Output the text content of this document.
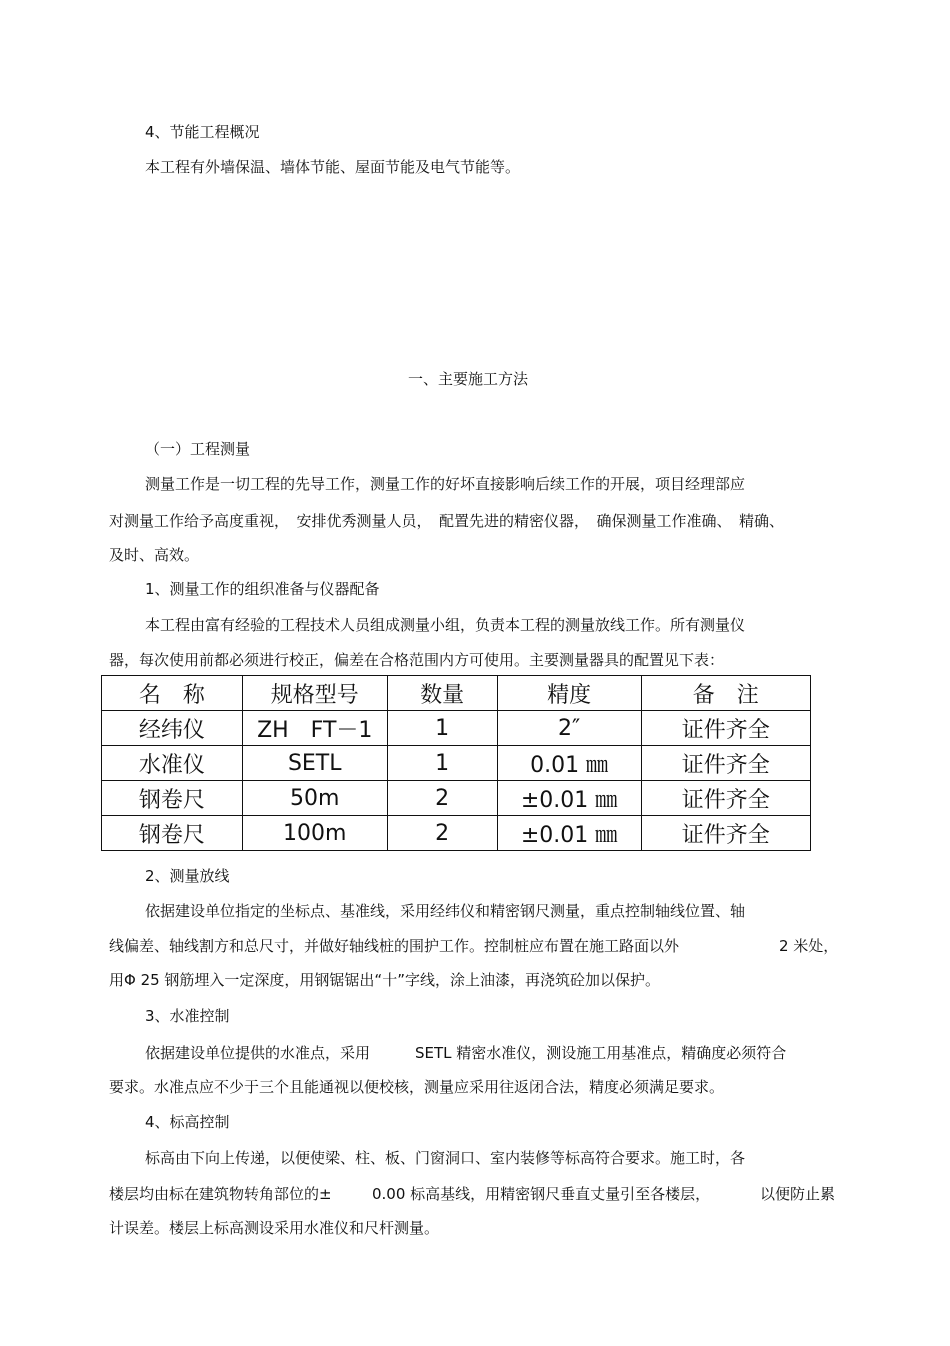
4、节能工程概况

本工程有外墙保温、墙体节能、屋面节能及电气节能等。

一、主要施工方法

（一）工程测量

测量工作是一切工程的先导工作，测量工作的好坏直接影响后续工作的开展，项目经理部应

对测量工作给予高度重视，　安排优秀测量人员，　配置先进的精密仪器，　确保测量工作准确、　精确、

及时、高效。

1、测量工作的组织准备与仪器配备

本工程由富有经验的工程技术人员组成测量小组，负责本工程的测量放线工作。所有测量仪

器，每次使用前都必须进行校正，偏差在合格范围内方可使用。主要测量器具的配置见下表：

名　称	规格型号	数量	精度	备　注
经纬仪	ZH　FT－1	1	2″	证件齐全
水准仪	SETL	1	0.01 ㎜	证件齐全
钢卷尺	50m	2	±0.01 ㎜	证件齐全
钢卷尺	100m	2	±0.01 ㎜	证件齐全

2、测量放线

依据建设单位指定的坐标点、基准线，采用经纬仪和精密钢尺测量，重点控制轴线位置、轴

线偏差、轴线割方和总尺寸，并做好轴线桩的围护工作。控制桩应布置在施工路面以外	2 米处，

用Φ 25 钢筋埋入一定深度，用钢锯锯出“十”字线，涂上油漆，再浇筑砼加以保护。

3、水准控制

依据建设单位提供的水准点，采用	SETL 精密水准仪，测设施工用基准点，精确度必须符合

要求。水准点应不少于三个且能通视以便校核，测量应采用往返闭合法，精度必须满足要求。

4、标高控制

标高由下向上传递，以便使梁、柱、板、门窗洞口、室内装修等标高符合要求。施工时，各

楼层均由标在建筑物转角部位的±	0.00 标高基线，用精密钢尺垂直丈量引至各楼层，	以便防止累

计误差。楼层上标高测设采用水准仪和尺杆测量。
